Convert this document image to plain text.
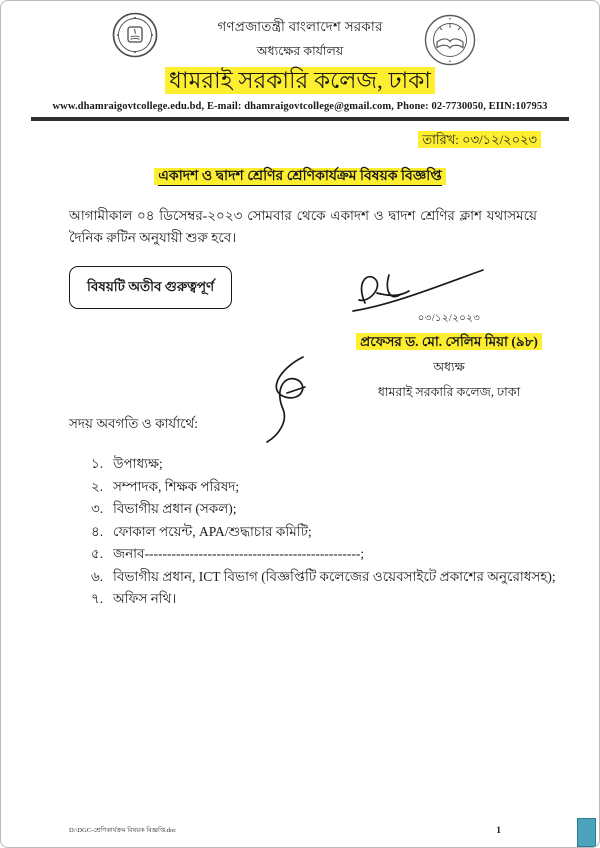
গণপ্রজাতন্ত্রী বাংলাদেশ সরকার
অধ্যক্ষের কার্যালয়
ধামরাই সরকারি কলেজ, ঢাকা
www.dhamraigovtcollege.edu.bd, E-mail: dhamraigovtcollege@gmail.com, Phone: 02-7730050, EIIN:107953
তারিখ: ০৩/১২/২০২৩
একাদশ ও দ্বাদশ শ্রেণির শ্রেণিকার্যক্রম বিষয়ক বিজ্ঞপ্তি

আগামীকাল ০৪ ডিসেম্বর-২০২৩ সোমবার থেকে একাদশ ও দ্বাদশ শ্রেণির ক্লাশ যথাসময়ে দৈনিক রুটিন অনুযায়ী শুরু হবে।

বিষয়টি অতীব গুরুত্বপূর্ণ
০৩/১২/২০২৩
প্রফেসর ড. মো. সেলিম মিয়া (৯৮)
অধ্যক্ষ
ধামরাই সরকারি কলেজ, ঢাকা
সদয় অবগতি ও কার্যার্থে:
১. উপাধ্যক্ষ;
২. সম্পাদক, শিক্ষক পরিষদ;
৩. বিভাগীয় প্রধান (সকল);
৪. ফোকাল পয়েন্ট, APA/শুদ্ধাচার কমিটি;
৫. জনাব------------------------------------------------;
৬. বিভাগীয় প্রধান, ICT বিভাগ (বিজ্ঞপ্তিটি কলেজের ওয়েবসাইটে প্রকাশের অনুরোধসহ);
৭. অফিস নথি।
D:\DGC-শ্রেণিকার্যক্রম বিষয়ক বিজ্ঞপ্তি.doc	1
